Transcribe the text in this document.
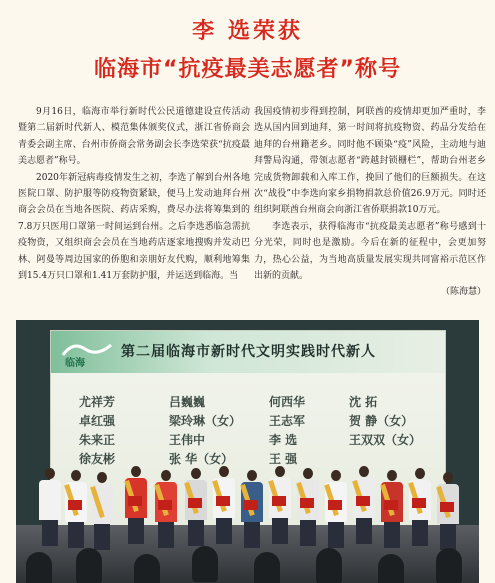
李 选荣获
临海市“抗疫最美志愿者”称号

9月16日，临海市举行新时代公民道德建设宣传活动暨第二届新时代新人、模范集体颁奖仪式，浙江省侨商会青委会副主席、台州市侨商会常务副会长李选荣获“抗疫最美志愿者”称号。

2020年新冠病毒疫情发生之初，李选了解到台州各地医院口罩、防护服等防疫物资紧缺，便马上发动迪拜台州商会会员在当地各医院、药店采购，费尽办法将筹集到的7.8万只医用口罩第一时间运到台州。之后李选悉临急需抗疫物资，又组织商会会员在当地药店逐家地搜购并发动巴林、阿曼等周边国家的侨胞和亲朋好友代购，顺利地筹集到15.4万只口罩和1.41万套防护服，并运送到临海。当

我国疫情初步得到控制，阿联酋的疫情却更加严重时，李选从国内回到迪拜，第一时间将抗疫物资、药品分发给在迪拜的台州籍老乡。同时他不顾染“疫”风险，主动地与迪拜警局沟通，带领志愿者“跨越封锁栅栏”，帮助台州老乡完成货物卸载和入库工作，挽回了他们的巨额损失。在这次“战役”中李选向家乡捐物捐款总价值26.9万元。同时还组织阿联酋台州商会向浙江省侨联捐款10万元。

李选表示，获得临海市“抗疫最美志愿者”称号感到十分光荣，同时也是激励。今后在新的征程中，会更加努力，热心公益，为当地高质量发展实现共同富裕示范区作出新的贡献。
（陈海慧）

临海
第二届临海市新时代文明实践时代新人
尤祥芳	吕巍巍	何西华	沈 拓
卓红强	梁玲琳（女）	王志军	贺 静（女）
朱来正	王伟中	李 选	王双双（女）
徐友彬	张 华（女）	王 强
